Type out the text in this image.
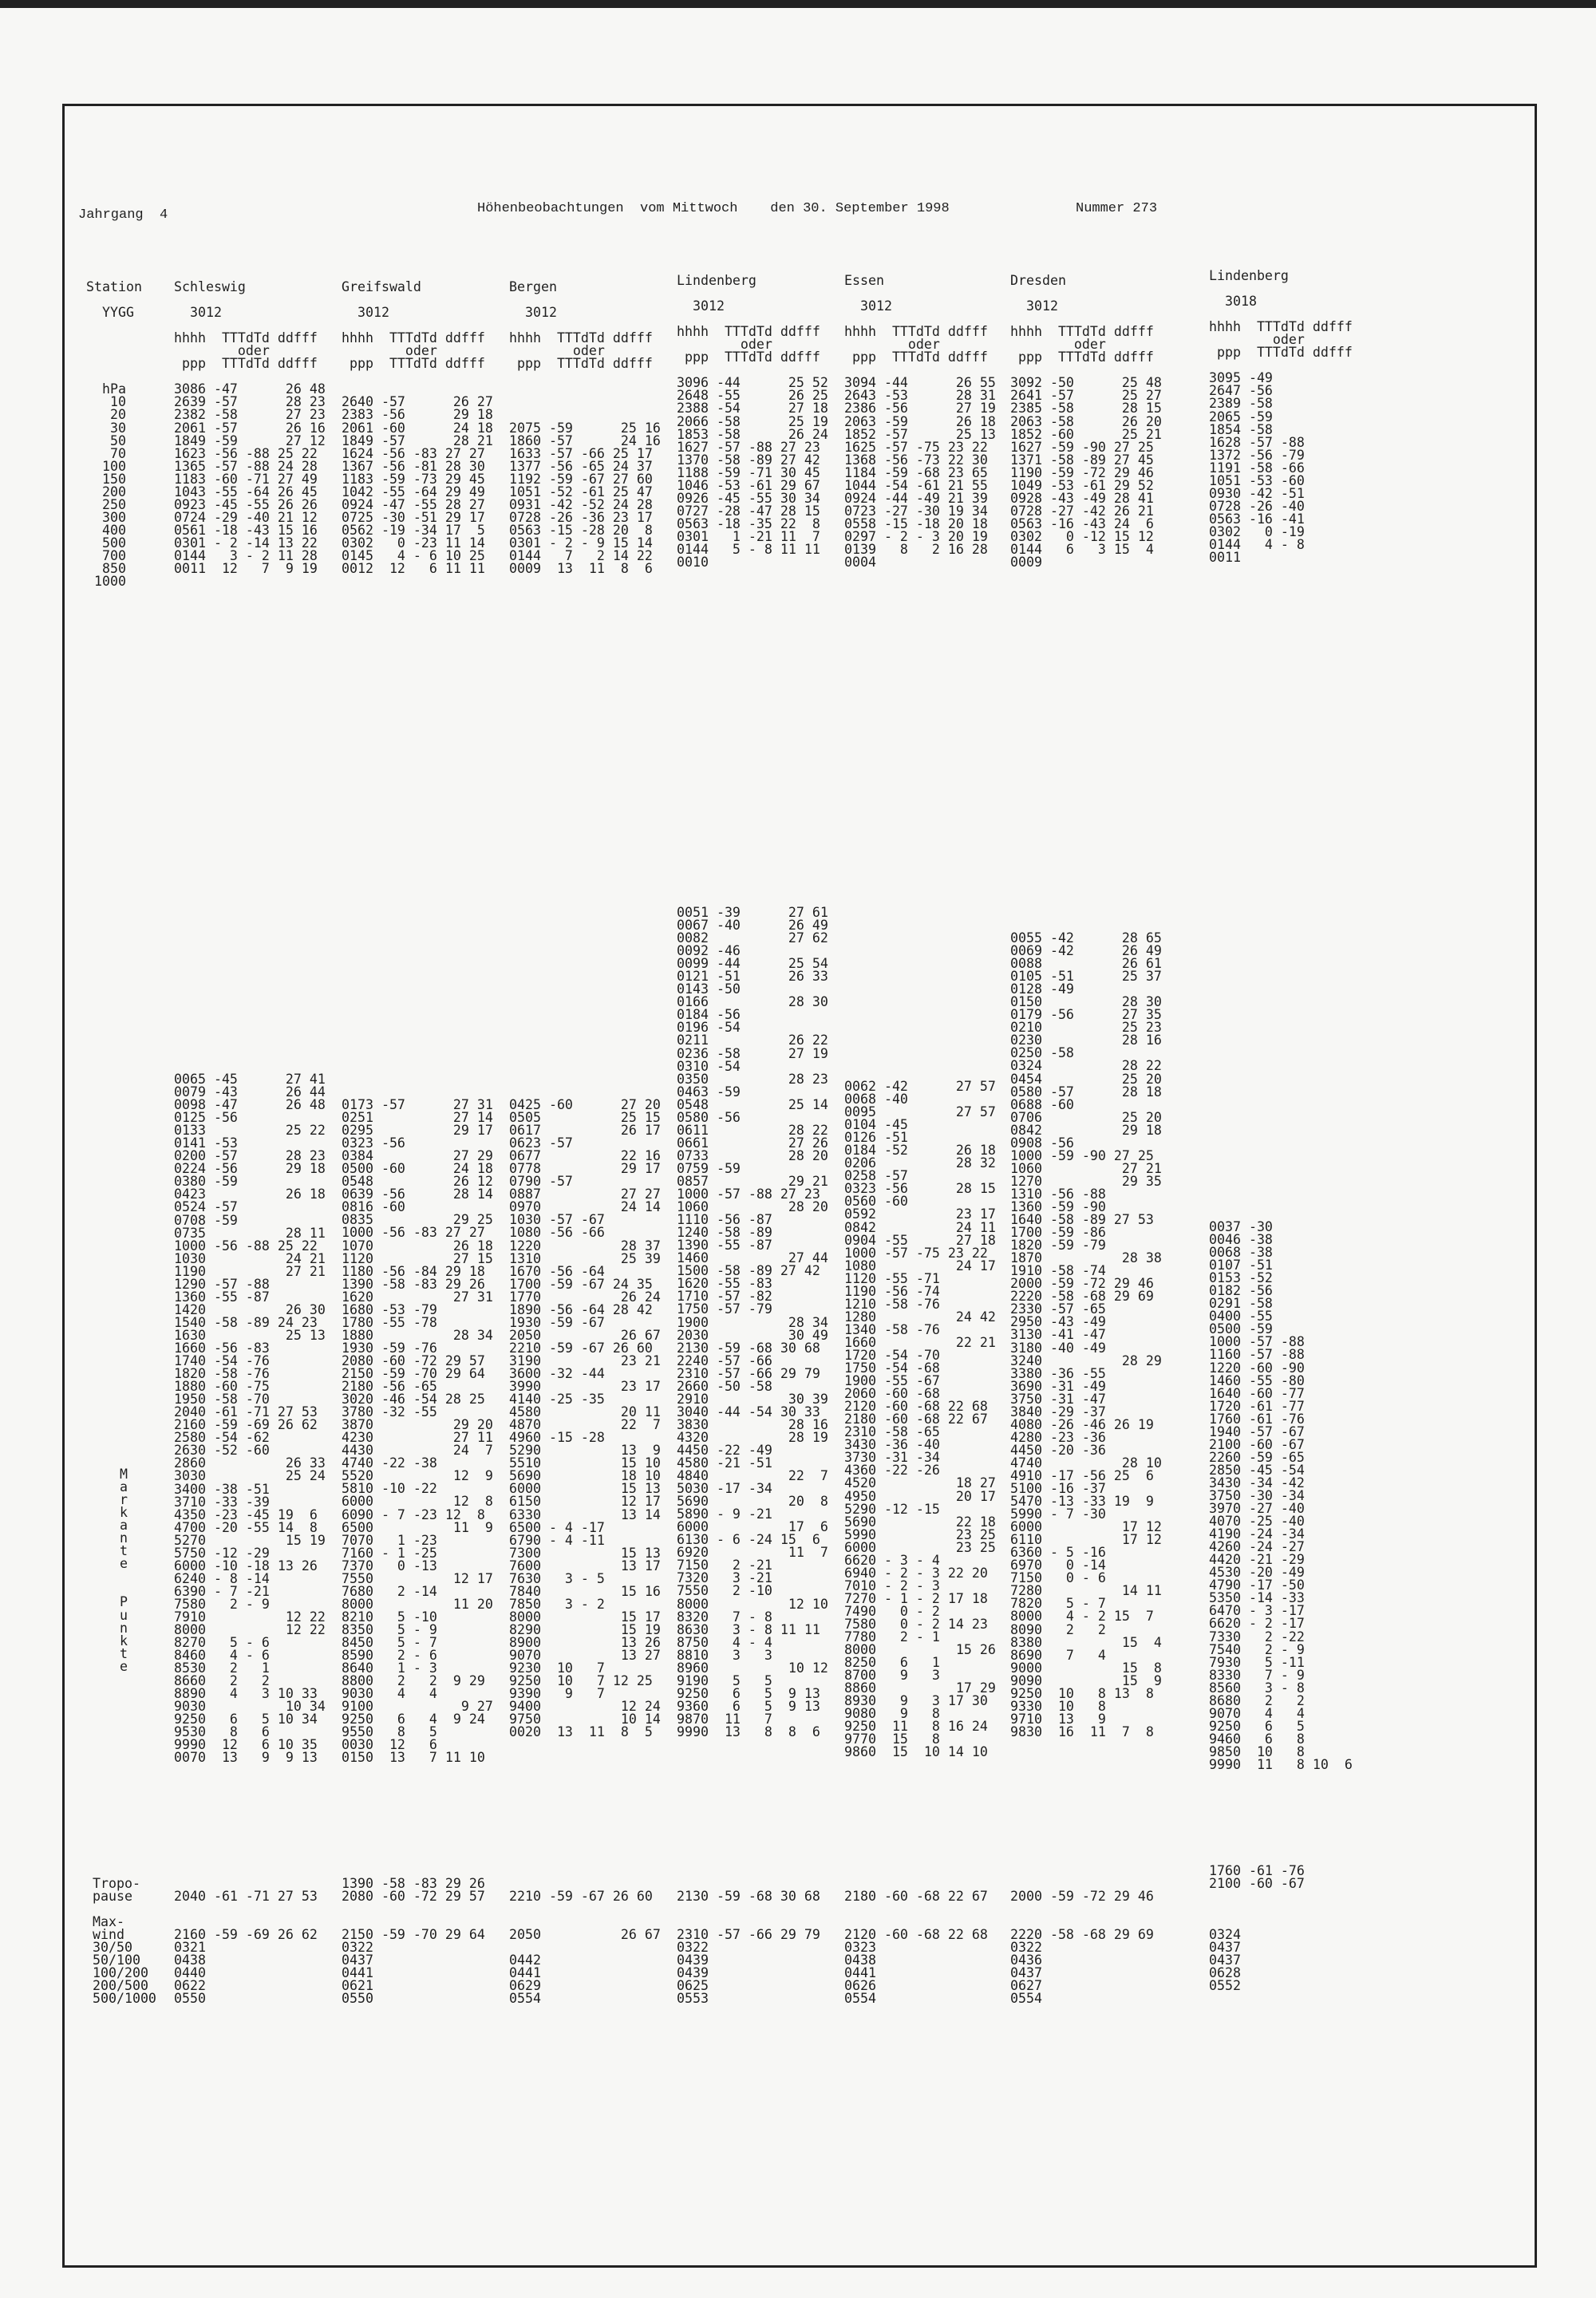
Jahrgang  4	Höhenbeobachtungen  vom Mittwoch    den 30. September 1998	Nummer 273
Station

YYGG

hPa
10
20
30
50
70
100
150
200
250
300
400
500
700
850
1000
Schleswig

3012

hhhh  TTTdTd ddfff
oder
ppp  TTTdTd ddfff

3086 -47      26 48
2639 -57      28 23
2382 -58      27 23
2061 -57      26 16
1849 -59      27 12
1623 -56 -88 25 22
1365 -57 -88 24 28
1183 -60 -71 27 49
1043 -55 -64 26 45
0923 -45 -55 26 26
0724 -29 -40 21 12
0561 -18 -43 15 16
0301 - 2 -14 13 22
0144   3 - 2 11 28
0011  12   7  9 19
Greifswald

3012

hhhh  TTTdTd ddfff
oder
ppp  TTTdTd ddfff

2640 -57      26 27
2383 -56      29 18
2061 -60      24 18
1849 -57      28 21
1624 -56 -83 27 27
1367 -56 -81 28 30
1183 -59 -73 29 45
1042 -55 -64 29 49
0924 -47 -55 28 27
0725 -30 -51 29 17
0562 -19 -34 17  5
0302   0 -23 11 14
0145   4 - 6 10 25
0012  12   6 11 11
Bergen

3012

hhhh  TTTdTd ddfff
oder
ppp  TTTdTd ddfff

2075 -59      25 16
1860 -57      24 16
1633 -57 -66 25 17
1377 -56 -65 24 37
1192 -59 -67 27 60
1051 -52 -61 25 47
0931 -42 -52 24 28
0728 -26 -36 23 17
0563 -15 -28 20  8
0301 - 2 - 9 15 14
0144   7   2 14 22
0009  13  11  8  6
Lindenberg

3012

hhhh  TTTdTd ddfff
oder
ppp  TTTdTd ddfff

3096 -44      25 52
2648 -55      26 25
2388 -54      27 18
2066 -58      25 19
1853 -58      26 24
1627 -57 -88 27 23
1370 -58 -89 27 42
1188 -59 -71 30 45
1046 -53 -61 29 67
0926 -45 -55 30 34
0727 -28 -47 28 15
0563 -18 -35 22  8
0301   1 -21 11  7
0144   5 - 8 11 11
0010
Essen

3012

hhhh  TTTdTd ddfff
oder
ppp  TTTdTd ddfff

3094 -44      26 55
2643 -53      28 31
2386 -56      27 19
2063 -59      26 18
1852 -57      25 13
1625 -57 -75 23 22
1368 -56 -73 22 30
1184 -59 -68 23 65
1044 -54 -61 21 55
0924 -44 -49 21 39
0723 -27 -30 19 34
0558 -15 -18 20 18
0297 - 2 - 3 20 19
0139   8   2 16 28
0004
Dresden

3012

hhhh  TTTdTd ddfff
oder
ppp  TTTdTd ddfff

3092 -50      25 48
2641 -57      25 27
2385 -58      28 15
2063 -58      26 20
1852 -60      25 21
1627 -59 -90 27 25
1371 -58 -89 27 45
1190 -59 -72 29 46
1049 -53 -61 29 52
0928 -43 -49 28 41
0728 -27 -42 26 21
0563 -16 -43 24  6
0302   0 -12 15 12
0144   6   3 15  4
0009
Lindenberg

3018

hhhh  TTTdTd ddfff
oder
ppp  TTTdTd ddfff

3095 -49
2647 -56
2389 -58
2065 -59
1854 -58
1628 -57 -88
1372 -56 -79
1191 -58 -66
1051 -53 -60
0930 -42 -51
0728 -26 -40
0563 -16 -41
0302   0 -19
0144   4 - 8
0011
M
a
r
k
a
n
t
e

P
u
n
k
t
e
0065 -45      27 41
0079 -43      26 44
0098 -47      26 48
0125 -56
0133          25 22
0141 -53
0200 -57      28 23
0224 -56      29 18
0380 -59
0423          26 18
0524 -57
0708 -59
0735          28 11
1000 -56 -88 25 22
1030          24 21
1190          27 21
1290 -57 -88
1360 -55 -87
1420          26 30
1540 -58 -89 24 23
1630          25 13
1660 -56 -83
1740 -54 -76
1820 -58 -76
1880 -60 -75
1950 -58 -70
2040 -61 -71 27 53
2160 -59 -69 26 62
2580 -54 -62
2630 -52 -60
2860          26 33
3030          25 24
3400 -38 -51
3710 -33 -39
4350 -23 -45 19  6
4700 -20 -55 14  8
5270          15 19
5750 -12 -29
6000 -10 -18 13 26
6240 - 8 -14
6390 - 7 -21
7580   2 - 9
7910          12 22
8000          12 22
8270   5 - 6
8460   4 - 6
8530   2   1
8660   2   2
8890   4   3 10 33
9030          10 34
9250   6   5 10 34
9530   8   6
9990  12   6 10 35
0070  13   9  9 13
0173 -57      27 31
0251          27 14
0295          29 17
0323 -56
0384          27 29
0500 -60      24 18
0548          26 12
0639 -56      28 14
0816 -60
0835          29 25
1000 -56 -83 27 27
1070          26 18
1120          27 15
1180 -56 -84 29 18
1390 -58 -83 29 26
1620          27 31
1680 -53 -79
1780 -55 -78
1880          28 34
1930 -59 -76
2080 -60 -72 29 57
2150 -59 -70 29 64
2180 -56 -65
3020 -46 -54 28 25
3780 -32 -55
3870          29 20
4230          27 11
4430          24  7
4740 -22 -38
5520          12  9
5810 -10 -22
6000          12  8
6090 - 7 -23 12  8
6500          11  9
7070   1 -23
7160 - 1 -25
7370   0 -13
7550          12 17
7680   2 -14
8000          11 20
8210   5 -10
8350   5 - 9
8450   5 - 7
8590   2 - 6
8640   1 - 3
8800   2   2  9 29
9030   4   4
9100           9 27
9250   6   4  9 24
9550   8   5
0030  12   6
0150  13   7 11 10
0425 -60      27 20
0505          25 15
0617          26 17
0623 -57
0677          22 16
0778          29 17
0790 -57
0887          27 27
0970          24 14
1030 -57 -67
1080 -56 -66
1220          28 37
1310          25 39
1670 -56 -64
1700 -59 -67 24 35
1770          26 24
1890 -56 -64 28 42
1930 -59 -67
2050          26 67
2210 -59 -67 26 60
3190          23 21
3600 -32 -44
3990          23 17
4140 -25 -35
4580          20 11
4870          22  7
4960 -15 -28
5290          13  9
5510          15 10
5690          18 10
6000          15 13
6150          12 17
6330          13 14
6500 - 4 -17
6790 - 4 -11
7300          15 13
7600          13 17
7630   3 - 5
7840          15 16
7850   3 - 2
8000          15 17
8290          15 19
8900          13 26
9070          13 27
9230  10   7
9250  10   7 12 25
9390   9   7
9400          12 24
9750          10 14
0020  13  11  8  5
0051 -39      27 61
0067 -40      26 49
0082          27 62
0092 -46
0099 -44      25 54
0121 -51      26 33
0143 -50
0166          28 30
0184 -56
0196 -54
0211          26 22
0236 -58      27 19
0310 -54
0350          28 23
0463 -59
0548          25 14
0580 -56
0611          28 22
0661          27 26
0733          28 20
0759 -59
0857          29 21
1000 -57 -88 27 23
1060          28 20
1110 -56 -87
1240 -58 -89
1390 -55 -87
1460          27 44
1500 -58 -89 27 42
1620 -55 -83
1710 -57 -82
1750 -57 -79
1900          28 34
2030          30 49
2130 -59 -68 30 68
2240 -57 -66
2310 -57 -66 29 79
2660 -50 -58
2910          30 39
3040 -44 -54 30 33
3830          28 16
4320          28 19
4450 -22 -49
4580 -21 -51
4840          22  7
5030 -17 -34
5690          20  8
5890 - 9 -21
6000          17  6
6130 - 6 -24 15  6
6920          11  7
7150   2 -21
7320   3 -21
7550   2 -10
8000          12 10
8320   7 - 8
8630   3 - 8 11 11
8750   4 - 4
8810   3   3
8960          10 12
9190   5   5
9250   6   5  9 13
9360   6   5  9 13
9870  11   7
9990  13   8  8  6
0062 -42      27 57
0068 -40
0095          27 57
0104 -45
0126 -51
0184 -52      26 18
0206          28 32
0258 -57
0323 -56      28 15
0560 -60
0592          23 17
0842          24 11
0904 -55      27 18
1000 -57 -75 23 22
1080          24 17
1120 -55 -71
1190 -56 -74
1210 -58 -76
1280          24 42
1340 -58 -76
1660          22 21
1720 -54 -70
1750 -54 -68
1900 -55 -67
2060 -60 -68
2120 -60 -68 22 68
2180 -60 -68 22 67
2310 -58 -65
3430 -36 -40
3730 -31 -34
4360 -22 -26
4520          18 27
4950          20 17
5290 -12 -15
5690          22 18
5990          23 25
6000          23 25
6620 - 3 - 4
6940 - 2 - 3 22 20
7010 - 2 - 3
7270 - 1 - 2 17 18
7490   0 - 2
7580   0 - 2 14 23
7780   2 - 1
8000          15 26
8250   6   1
8700   9   3
8860          17 29
8930   9   3 17 30
9080   9   8
9250  11   8 16 24
9770  15   8
9860  15  10 14 10
0055 -42      28 65
0069 -42      26 49
0088          26 61
0105 -51      25 37
0128 -49
0150          28 30
0179 -56      27 35
0210          25 23
0230          28 16
0250 -58
0324          28 22
0454          25 20
0580 -57      28 18
0688 -60
0706          25 20
0842          29 18
0908 -56
1000 -59 -90 27 25
1060          27 21
1270          29 35
1310 -56 -88
1360 -59 -90
1640 -58 -89 27 53
1700 -59 -86
1820 -59 -79
1870          28 38
1910 -58 -74
2000 -59 -72 29 46
2220 -58 -68 29 69
2330 -57 -65
2950 -43 -49
3130 -41 -47
3180 -40 -49
3240          28 29
3380 -36 -55
3690 -31 -49
3750 -31 -47
3840 -29 -37
4080 -26 -46 26 19
4280 -23 -36
4450 -20 -36
4740          28 10
4910 -17 -56 25  6
5100 -16 -37
5470 -13 -33 19  9
5990 - 7 -30
6000          17 12
6110          17 12
6360 - 5 -16
6970   0 -14
7150   0 - 6
7280          14 11
7820   5 - 7
8000   4 - 2 15  7
8090   2   2
8380          15  4
8690   7   4
9000          15  8
9090          15  9
9250  10   8 13  8
9330  10   8
9710  13   9
9830  16  11  7  8
0037 -30
0046 -38
0068 -38
0107 -51
0153 -52
0182 -56
0291 -58
0400 -55
0500 -59
1000 -57 -88
1160 -57 -88
1220 -60 -90
1460 -55 -80
1640 -60 -77
1720 -61 -77
1760 -61 -76
1940 -57 -67
2100 -60 -67
2260 -59 -65
2850 -45 -54
3430 -34 -42
3750 -30 -34
3970 -27 -40
4070 -25 -40
4190 -24 -34
4260 -24 -27
4420 -21 -29
4530 -20 -49
4790 -17 -50
5350 -14 -33
6470 - 3 -17
6620 - 2 -17
7330   2 -22
7540   2 - 9
7930   5 -11
8330   7 - 9
8560   3 - 8
8680   2   2
9070   4   4
9250   6   5
9460   6   8
9850  10   8
9990  11   8 10  6
Tropo-
pause

Max-
wind
30/50
50/100
100/200
200/500
500/1000

2040 -61 -71 27 53

2160 -59 -69 26 62
0321
0438
0440
0622
0550
1390 -58 -83 29 26
2080 -60 -72 29 57

2150 -59 -70 29 64
0322
0437
0441
0621
0550

2210 -59 -67 26 60

2050          26 67

0442
0441
0629
0554

2130 -59 -68 30 68

2310 -57 -66 29 79
0322
0439
0439
0625
0553

2180 -60 -68 22 67

2120 -60 -68 22 68
0323
0438
0441
0626
0554

2000 -59 -72 29 46

2220 -58 -68 29 69
0322
0436
0437
0627
0554
1760 -61 -76
2100 -60 -67

0324
0437
0437
0628
0552
